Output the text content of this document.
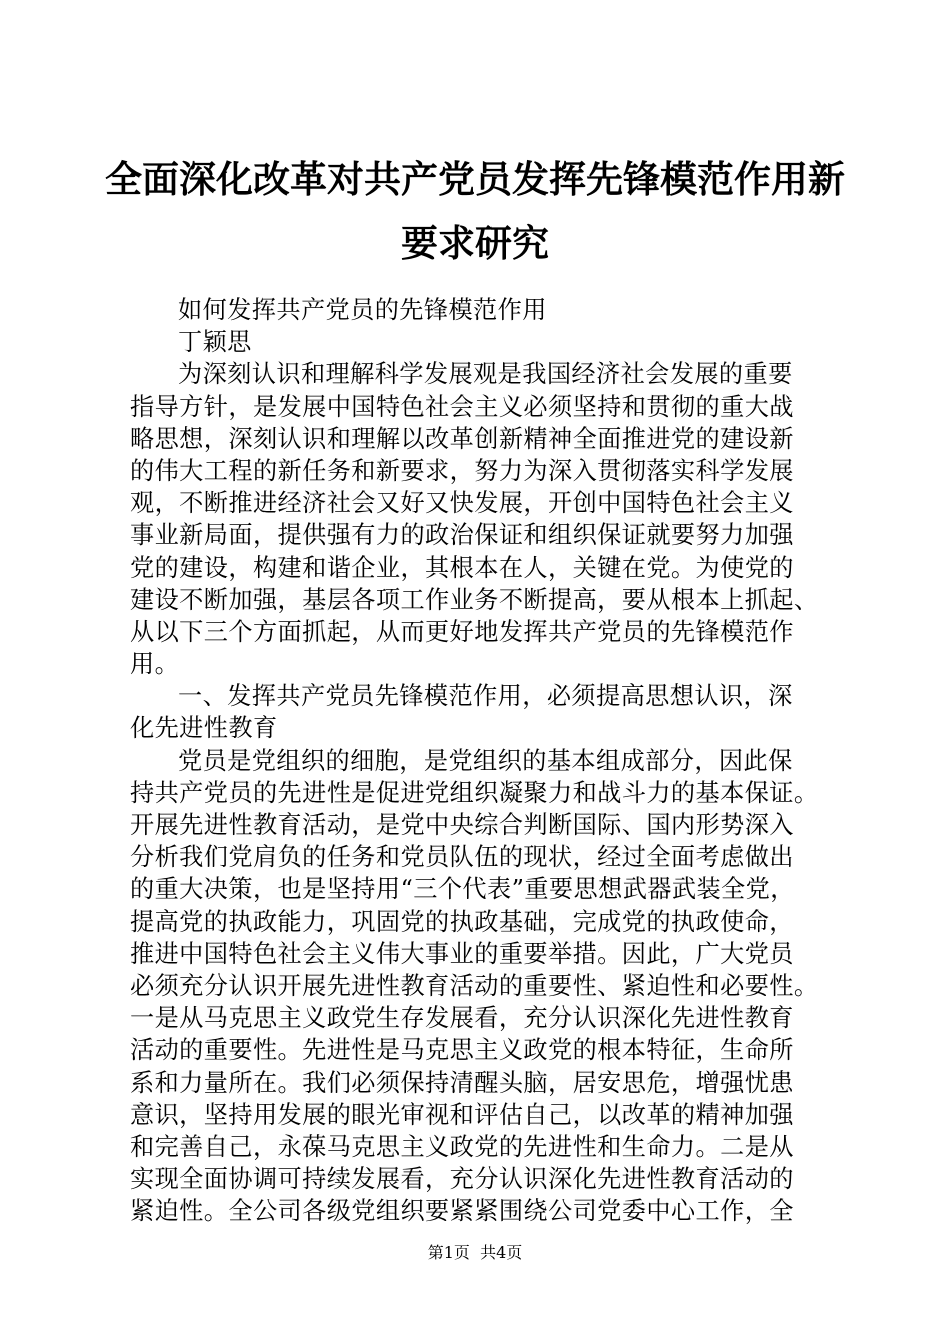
全面深化改革对共产党员发挥先锋模范作用新
要求研究
如何发挥共产党员的先锋模范作用
丁颖思
为深刻认识和理解科学发展观是我国经济社会发展的重要
指导方针，是发展中国特色社会主义必须坚持和贯彻的重大战
略思想，深刻认识和理解以改革创新精神全面推进党的建设新
的伟大工程的新任务和新要求，努力为深入贯彻落实科学发展
观，不断推进经济社会又好又快发展，开创中国特色社会主义
事业新局面，提供强有力的政治保证和组织保证就要努力加强
党的建设，构建和谐企业，其根本在人，关键在党。为使党的
建设不断加强，基层各项工作业务不断提高，要从根本上抓起、
从以下三个方面抓起，从而更好地发挥共产党员的先锋模范作
用。
一、发挥共产党员先锋模范作用，必须提高思想认识，深
化先进性教育
党员是党组织的细胞，是党组织的基本组成部分，因此保
持共产党员的先进性是促进党组织凝聚力和战斗力的基本保证。
开展先进性教育活动，是党中央综合判断国际、国内形势深入
分析我们党肩负的任务和党员队伍的现状，经过全面考虑做出
的重大决策，也是坚持用“三个代表”重要思想武器武装全党，
提高党的执政能力，巩固党的执政基础，完成党的执政使命，
推进中国特色社会主义伟大事业的重要举措。因此，广大党员
必须充分认识开展先进性教育活动的重要性、紧迫性和必要性。
一是从马克思主义政党生存发展看，充分认识深化先进性教育
活动的重要性。先进性是马克思主义政党的根本特征，生命所
系和力量所在。我们必须保持清醒头脑，居安思危，增强忧患
意识，坚持用发展的眼光审视和评估自己，以改革的精神加强
和完善自己，永葆马克思主义政党的先进性和生命力。二是从
实现全面协调可持续发展看，充分认识深化先进性教育活动的
紧迫性。全公司各级党组织要紧紧围绕公司党委中心工作，全
第1页  共4页
